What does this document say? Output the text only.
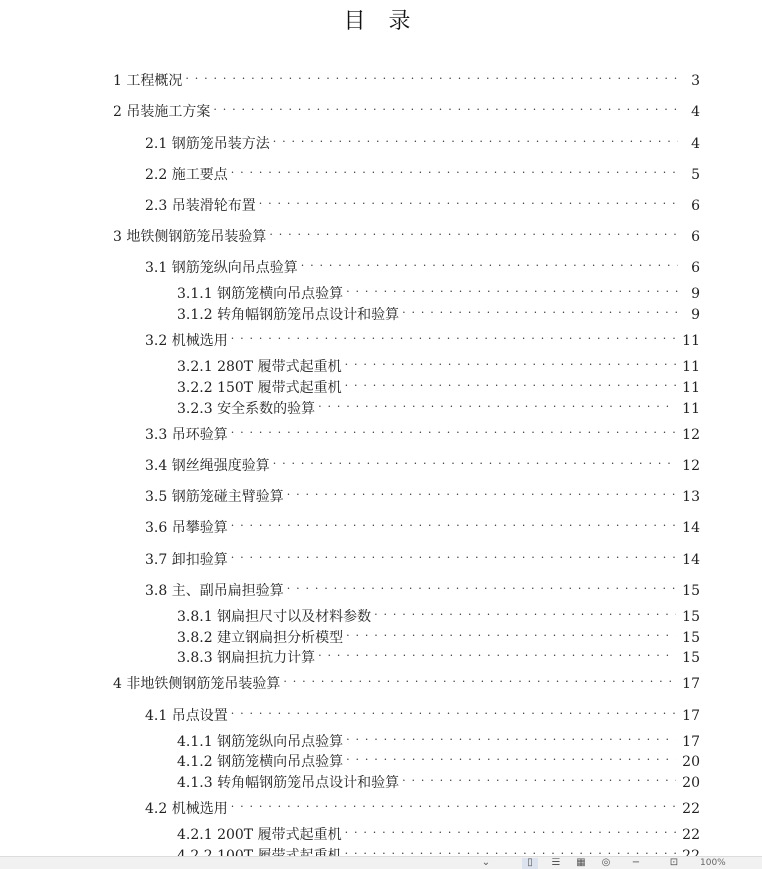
目 录
1 工程概况 . . .	3
2 吊装施工方案 . . .	4
2.1 钢筋笼吊装方法 . . .	4
2.2 施工要点 . . .	5
2.3 吊装滑轮布置 . . .	6
3 地铁侧钢筋笼吊装验算 . . .	6
3.1 钢筋笼纵向吊点验算 . . .	6
3.1.1 钢筋笼横向吊点验算 . . .	9
3.1.2 转角幅钢筋笼吊点设计和验算 . . .	9
3.2 机械选用 . . .	11
3.2.1 280T 履带式起重机 . . .	11
3.2.2 150T 履带式起重机 . . .	11
3.2.3 安全系数的验算 . . .	11
3.3 吊环验算 . . .	12
3.4 钢丝绳强度验算 . . .	12
3.5 钢筋笼碰主臂验算 . . .	13
3.6 吊攀验算 . . .	14
3.7 卸扣验算 . . .	14
3.8 主、副吊扁担验算 . . .	15
3.8.1 钢扁担尺寸以及材料参数 . . .	15
3.8.2 建立钢扁担分析模型 . . .	15
3.8.3 钢扁担抗力计算 . . .	15
4 非地铁侧钢筋笼吊装验算 . . .	17
4.1 吊点设置 . . .	17
4.1.1 钢筋笼纵向吊点验算 . . .	17
4.1.2 钢筋笼横向吊点验算 . . .	20
4.1.3 转角幅钢筋笼吊点设计和验算 . . .	20
4.2 机械选用 . . .	22
4.2.1 200T 履带式起重机 . . .	22
. . .
⌄	▯	☰	▦	◎	−	⊡	100%
